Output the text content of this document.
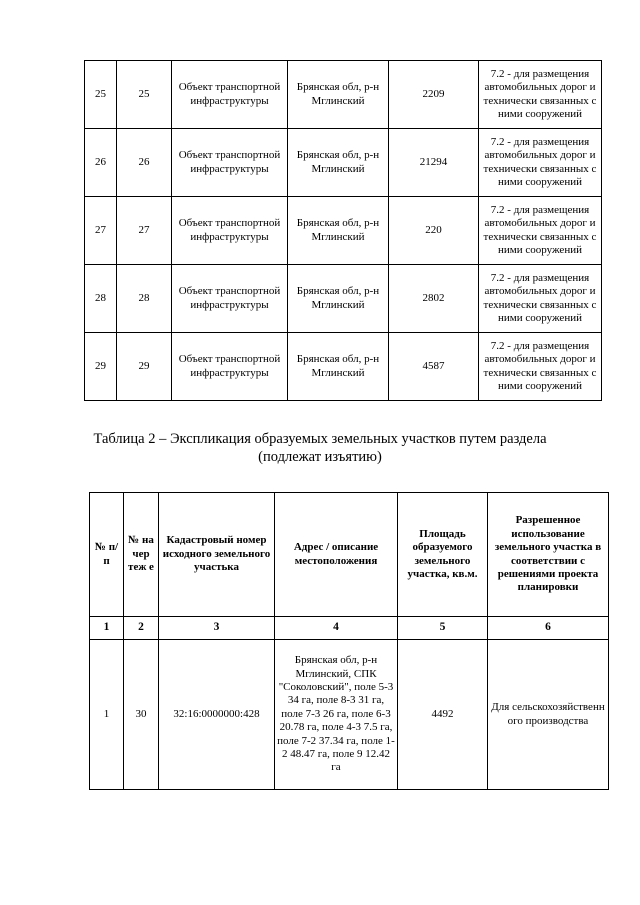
25	25	Объект транспортной инфраструктуры	Брянская обл, р-н Мглинский	2209	7.2 - для размещения автомобильных дорог и технически связанных с ними сооружений
26	26	Объект транспортной инфраструктуры	Брянская обл, р-н Мглинский	21294	7.2 - для размещения автомобильных дорог и технически связанных с ними сооружений
27	27	Объект транспортной инфраструктуры	Брянская обл, р-н Мглинский	220	7.2 - для размещения автомобильных дорог и технически связанных с ними сооружений
28	28	Объект транспортной инфраструктуры	Брянская обл, р-н Мглинский	2802	7.2 - для размещения автомобильных дорог и технически связанных с ними сооружений
29	29	Объект транспортной инфраструктуры	Брянская обл, р-н Мглинский	4587	7.2 - для размещения автомобильных дорог и технически связанных с ними сооружений
Таблица 2 – Экспликация образуемых земельных участков путем раздела
(подлежат изъятию)
№ п/п	№ на чер теж е	Кадастровый номер исходного земельного участька	Адрес / описание местоположения	Площадь образуемого земельного участка, кв.м.	Разрешенное использование земельного участка в соответствии с решениями проекта планировки
1	2	3	4	5	6
1	30	32:16:0000000:428	Брянская обл, р-н Мглинский, СПК "Соколовский", поле 5-3 34 га, поле 8-3 31 га, поле 7-3 26 га, поле 6-3 20.78 га, поле 4-3 7.5 га, поле 7-2 37.34 га, поле 1-2 48.47 га, поле 9 12.42 га	4492	Для сельскохозяйственн ого производства
